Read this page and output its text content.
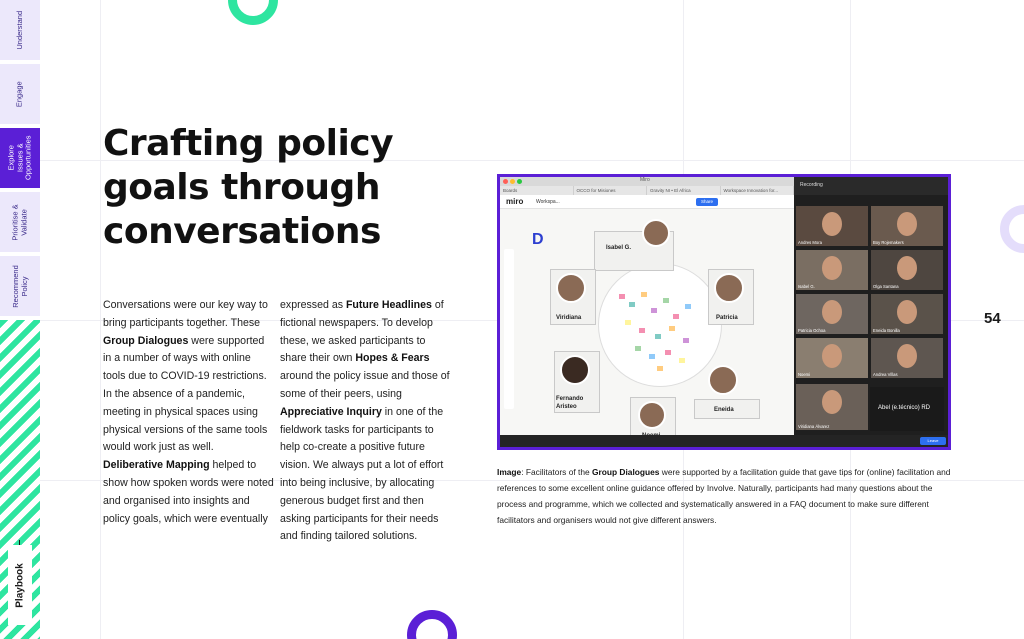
Understand
Engage
Explore Issues & Opportunities
Prioritise & Validate
Recommend Policy
Playbook
54
Crafting policy goals through conversations
Conversations were our key way to bring participants together. These Group Dialogues were supported in a number of ways with online tools due to COVID-19 restrictions. In the absence of a pandemic, meeting in physical spaces using physical versions of the same tools would work just as well. Deliberative Mapping helped to show how spoken words were noted and organised into insights and policy goals, which were eventually
expressed as Future Headlines of fictional newspapers. To develop these, we asked participants to share their own Hopes & Fears around the policy issue and those of some of their peers, using Appreciative Inquiry in one of the fieldwork tasks for participants to help co-create a positive future vision. We always put a lot of effort into being inclusive, by allocating generous budget first and then asking participants for their needs and finding tailored solutions.
Miro
Boards	OCCO for Misiones	Gravity NI • El Africa	Workspace Innovation for...
miro	Workspa...	Share
D	Isabel G.
Viridiana	Patricia
Fernando Aristeo	Eneida
Recording
Andres Mora	Boy Rojemakers
Isabel G.	Olga Santana
Patricia Ochoa	Eneida Bonilla
Noemi	Andrea Villas
Viridiana Álvarez
Abel (e.técnico) RD
Leave Meeting

Image: Facilitators of the Group Dialogues were supported by a facilitation guide that gave tips for (online) facilitation and references to some excellent online guidance offered by Involve. Naturally, participants had many questions about the process and programme, which we collected and systematically answered in a FAQ document to make sure different facilitators and organisers would not give different answers.
